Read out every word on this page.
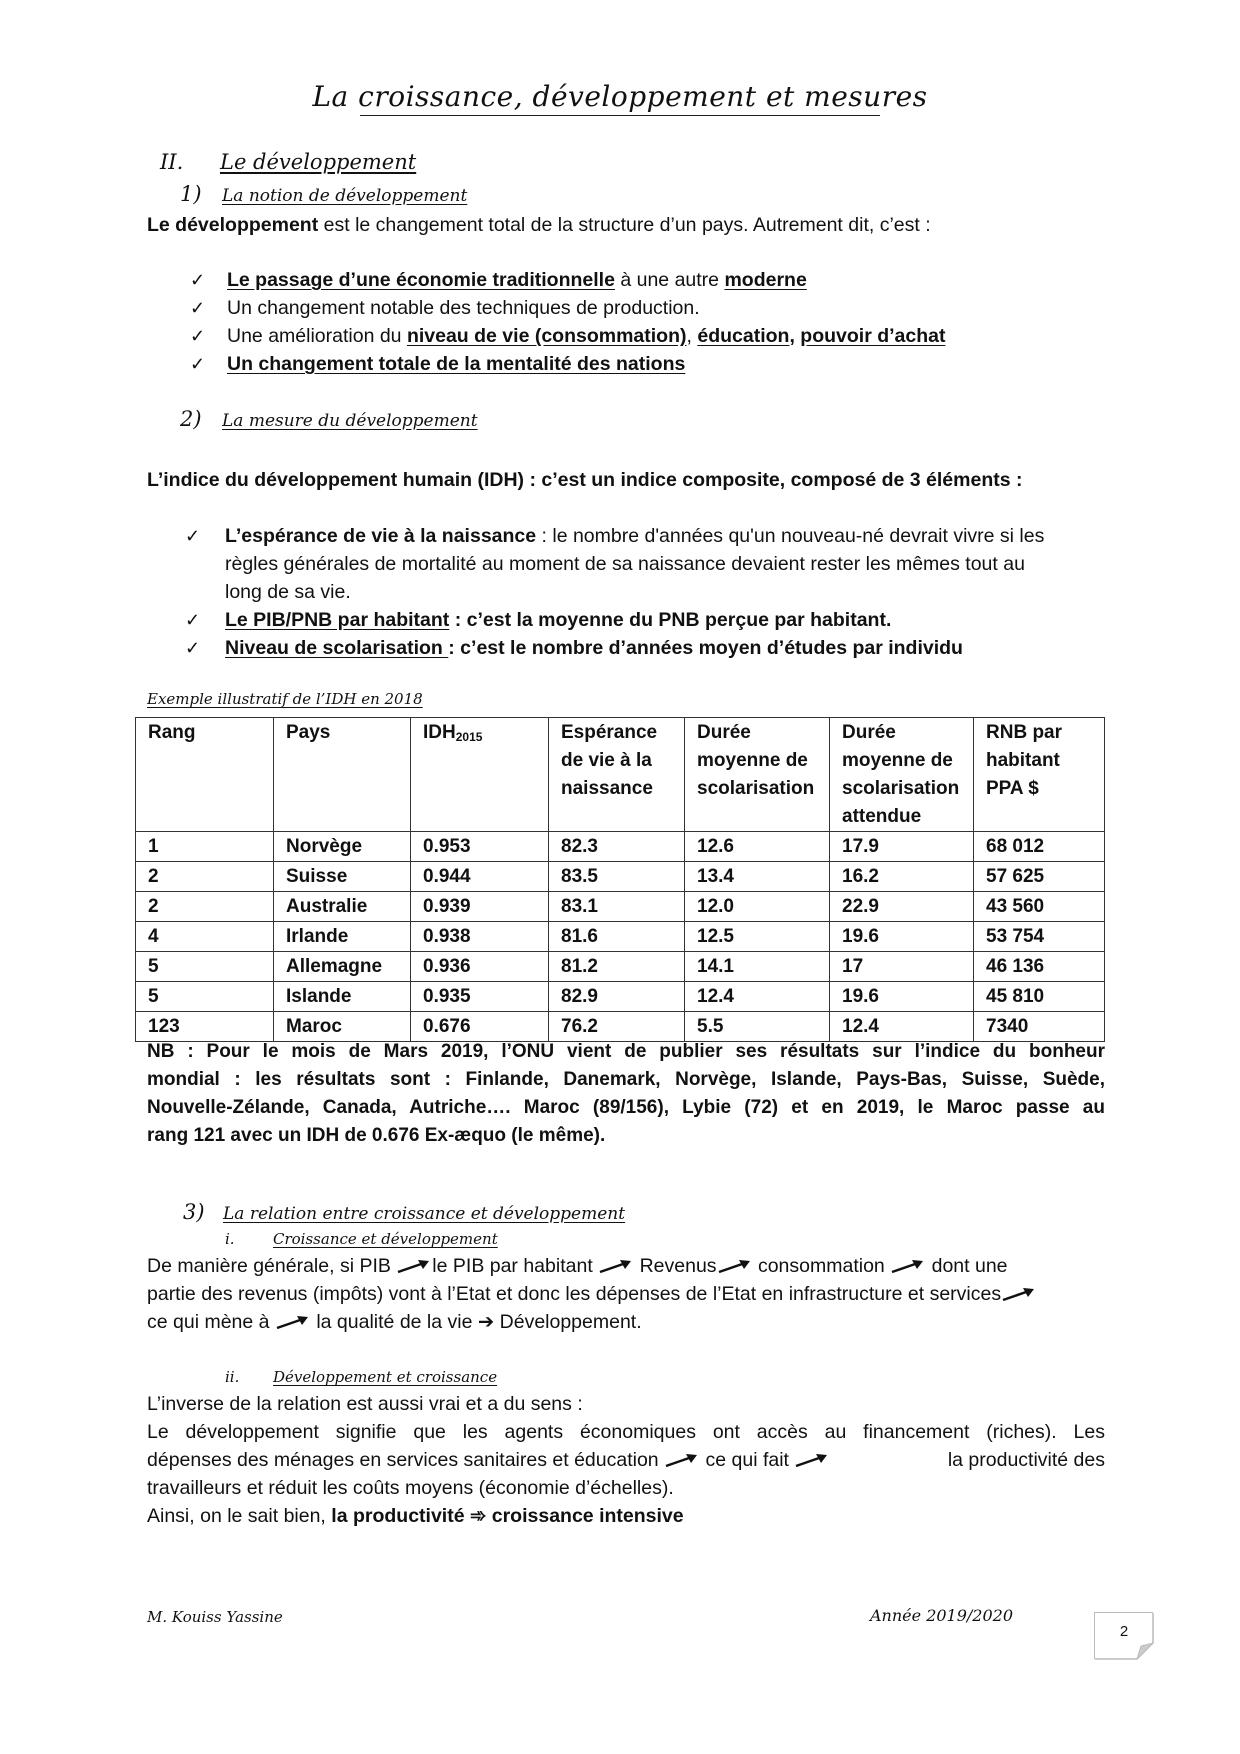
La croissance, développement et mesures
II. Le développement
1) La notion de développement
Le développement est le changement total de la structure d’un pays. Autrement dit, c’est :
✓ Le passage d’une économie traditionnelle à une autre moderne
✓ Un changement notable des techniques de production.
✓ Une amélioration du niveau de vie (consommation), éducation, pouvoir d’achat
✓ Un changement totale de la mentalité des nations
2) La mesure du développement
L’indice du développement humain (IDH) : c’est un indice composite, composé de 3 éléments :
✓ L’espérance de vie à la naissance : le nombre d'années qu'un nouveau-né devrait vivre si les
règles générales de mortalité au moment de sa naissance devaient rester les mêmes tout au
long de sa vie.
✓ Le PIB/PNB par habitant : c’est la moyenne du PNB perçue par habitant.
✓ Niveau de scolarisation : c’est le nombre d’années moyen d’études par individu
Exemple illustratif de l’IDH en 2018
Rang	Pays	$IDH_{2015}$	Espérance de vie à la naissance	Durée moyenne de scolarisation	Durée moyenne de scolarisation attendue	RNB par habitant PPA $
1	Norvège	0.953	82.3	12.6	17.9	68 012
2	Suisse	0.944	83.5	13.4	16.2	57 625
2	Australie	0.939	83.1	12.0	22.9	43 560
4	Irlande	0.938	81.6	12.5	19.6	53 754
5	Allemagne	0.936	81.2	14.1	17	46 136
5	Islande	0.935	82.9	12.4	19.6	45 810
123	Maroc	0.676	76.2	5.5	12.4	7340
NB : Pour le mois de Mars 2019, l’ONU vient de publier ses résultats sur l’indice du bonheur
mondial : les résultats sont : Finlande, Danemark, Norvège, Islande, Pays-Bas, Suisse, Suède,
Nouvelle-Zélande, Canada, Autriche…. Maroc (89/156), Lybie (72) et en 2019, le Maroc passe au
rang 121 avec un IDH de 0.676 Ex-æquo (le même).
3) La relation entre croissance et développement
i.	Croissance et développement
De manière générale, si PIB le PIB par habitant  Revenus consommation  dont une
partie des revenus (impôts) vont à l’Etat et donc les dépenses de l’Etat en infrastructure et services
ce qui mène à  la qualité de la vie ➔ Développement.
ii. Développement et croissance
L’inverse de la relation est aussi vrai et a du sens :
Le développement signifie que les agents économiques ont accès au financement (riches). Les
dépenses des ménages en services sanitaires et éducation  ce qui fait	la productivité des
travailleurs et réduit les coûts moyens (économie d’échelles).
Ainsi, on le sait bien, la productivité ➾ croissance intensive
M. Kouiss Yassine	Année 2019/2020
2
